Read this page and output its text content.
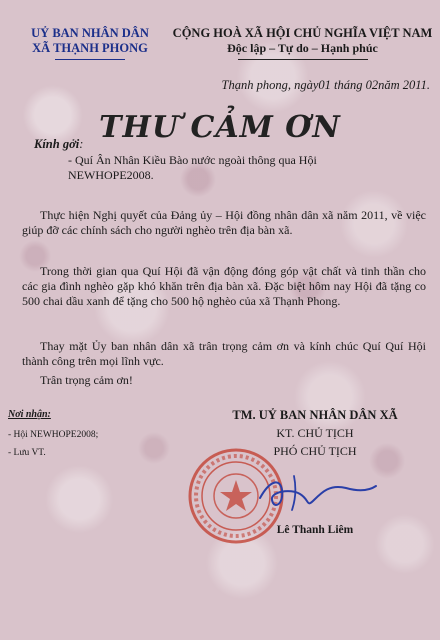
UỶ BAN NHÂN DÂN
XÃ THẠNH PHONG
CỘNG HOÀ XÃ HỘI CHỦ NGHĨA VIỆT NAM
Độc lập – Tự do – Hạnh phúc
Thạnh phong, ngày01 tháng 02năm 2011.
THƯ CẢM ƠN
Kính gởi:
- Quí Ân Nhân Kiều Bào nước ngoài thông qua Hội NEWHOPE2008.
Thực hiện Nghị quyết của Đảng ủy – Hội đồng nhân dân xã năm 2011, về việc giúp đỡ các chính sách cho người nghèo trên địa bàn xã.
Trong thời gian qua Quí Hội đã vận động đóng góp vật chất và tinh thần cho các gia đình nghèo gặp khó khăn trên địa bàn xã. Đặc biệt hôm nay Hội đã tặng co 500 chai dầu xanh để tặng cho 500 hộ nghèo của xã Thạnh Phong.
Thay mặt Ủy ban nhân dân xã trân trọng cảm ơn và kính chúc Quí Quí Hội thành công trên mọi lĩnh vực.
Trân trọng cảm ơn!
Nơi nhận:
- Hội NEWHOPE2008;
- Lưu VT.
TM. UỶ BAN NHÂN DÂN XÃ
KT. CHỦ TỊCH
PHÓ CHỦ TỊCH
Lê Thanh Liêm
